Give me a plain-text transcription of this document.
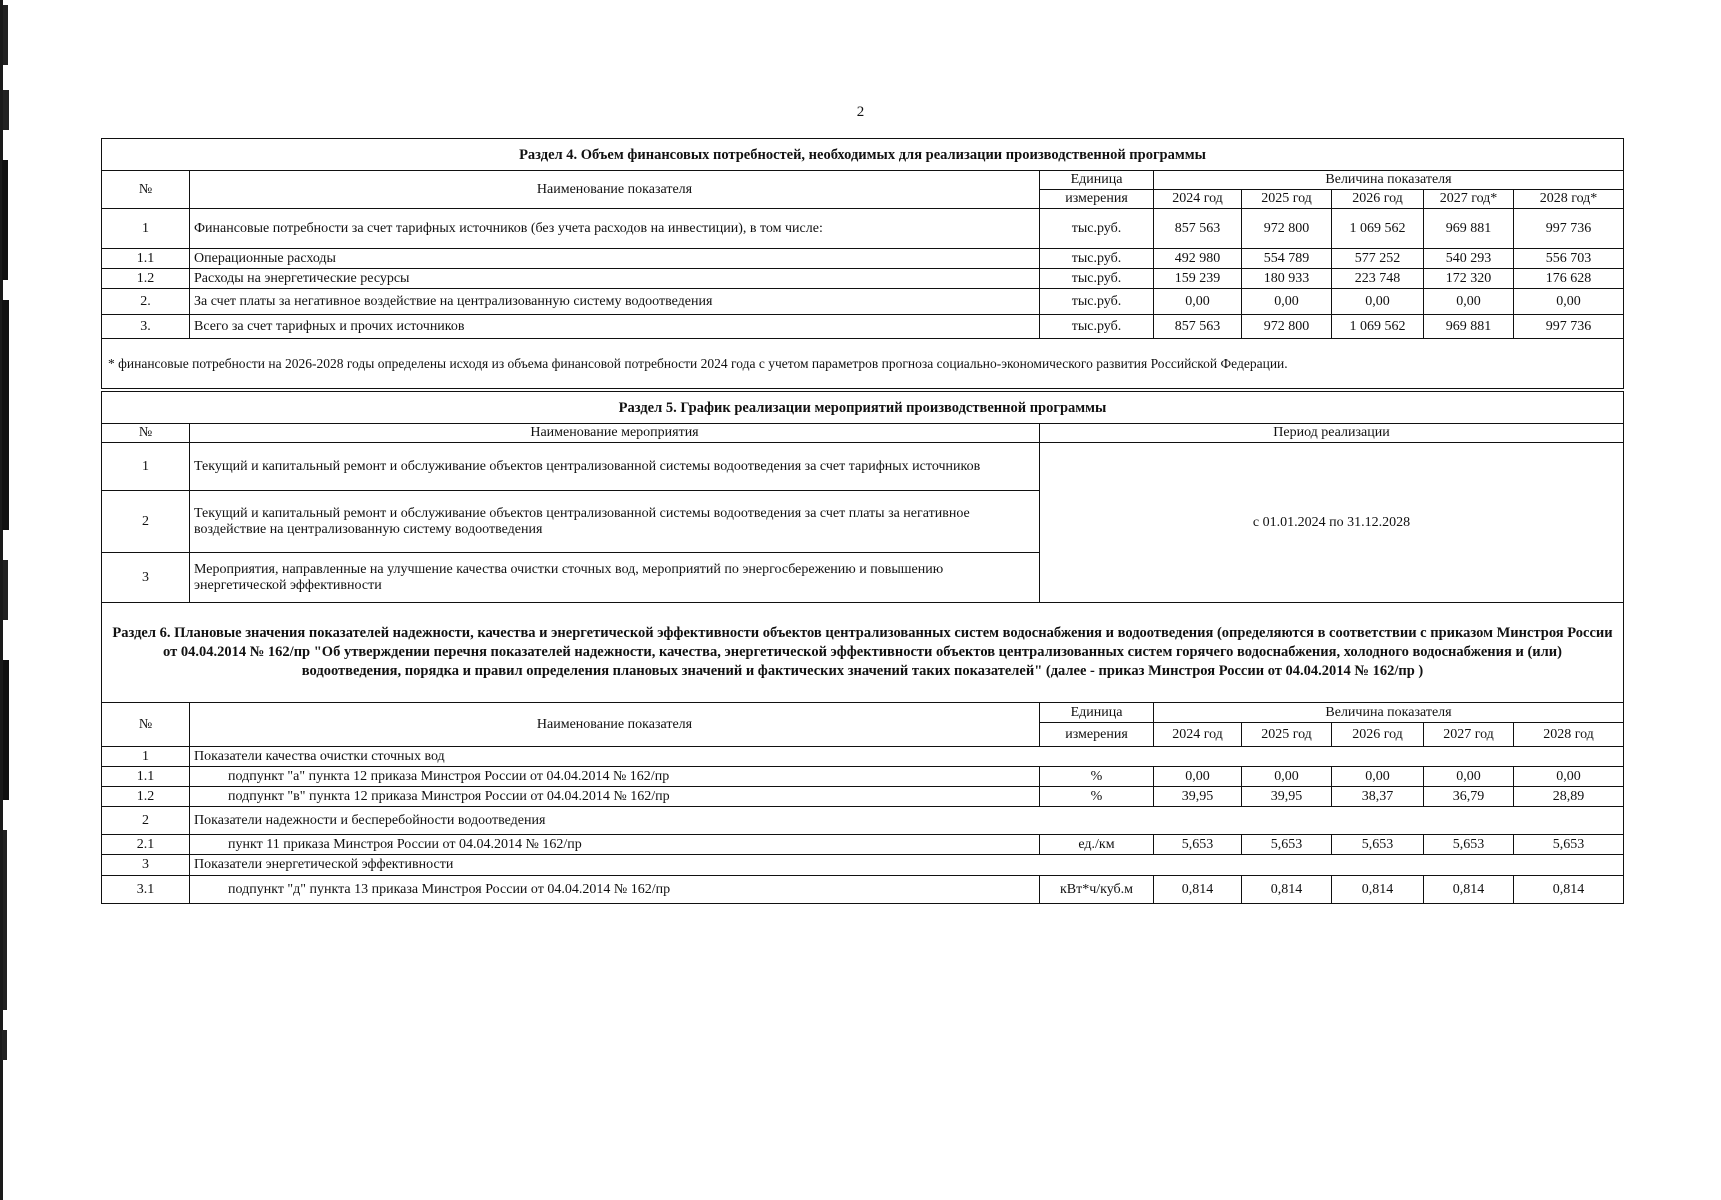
2
Раздел 4. Объем финансовых потребностей, необходимых для реализации производственной программы							
№	Наименование показателя	Единица	Величина показателя				
		измерения	2024 год	2025 год	2026 год	2027 год*	2028 год*
1	Финансовые потребности за счет тарифных источников (без учета расходов на инвестиции), в том числе:	тыс.руб.	857 563	972 800	1 069 562	969 881	997 736
1.1	Операционные расходы	тыс.руб.	492 980	554 789	577 252	540 293	556 703
1.2	Расходы на энергетические ресурсы	тыс.руб.	159 239	180 933	223 748	172 320	176 628
2.	За счет платы за негативное воздействие на централизованную систему водоотведения	тыс.руб.	0,00	0,00	0,00	0,00	0,00
3.	Всего за счет тарифных и прочих источников	тыс.руб.	857 563	972 800	1 069 562	969 881	997 736
* финансовые потребности на 2026-2028 годы определены исходя из объема финансовой потребности 2024 года с учетом параметров прогноза социально-экономического развития Российской Федерации.							
Раздел 5. График реализации мероприятий производственной программы		
№	Наименование мероприятия	Период реализации
1	Текущий и капитальный ремонт и обслуживание объектов централизованной системы водоотведения за счет тарифных источников	с 01.01.2024 по 31.12.2028
2	Текущий и капитальный ремонт и обслуживание объектов централизованной системы водоотведения за счет платы за негативное воздействие на централизованную систему водоотведения	
3	Мероприятия, направленные на улучшение качества очистки сточных вод, мероприятий по энергосбережению и повышению энергетической эффективности	
Раздел 6. Плановые значения показателей надежности, качества и энергетической эффективности объектов централизованных систем водоснабжения и водоотведения (определяются в соответствии с приказом Минстроя России от 04.04.2014 № 162/пр "Об утверждении перечня показателей надежности, качества, энергетической эффективности объектов централизованных систем горячего водоснабжения, холодного водоснабжения и (или) водоотведения, порядка и правил определения плановых значений и фактических значений таких показателей" (далее - приказ Минстроя России от 04.04.2014 № 162/пр )							
№	Наименование показателя	Единица	Величина показателя				
		измерения	2024 год	2025 год	2026 год	2027 год	2028 год
1	Показатели качества очистки сточных вод						
1.1	подпункт "а" пункта 12 приказа Минстроя России от 04.04.2014 № 162/пр	%	0,00	0,00	0,00	0,00	0,00
1.2	подпункт "в" пункта 12 приказа Минстроя России от 04.04.2014 № 162/пр	%	39,95	39,95	38,37	36,79	28,89
2	Показатели надежности и бесперебойности водоотведения						
2.1	пункт 11 приказа Минстроя России от 04.04.2014 № 162/пр	ед./км	5,653	5,653	5,653	5,653	5,653
3	Показатели энергетической эффективности						
3.1	подпункт "д" пункта 13 приказа Минстроя России от 04.04.2014 № 162/пр	кВт*ч/куб.м	0,814	0,814	0,814	0,814	0,814
